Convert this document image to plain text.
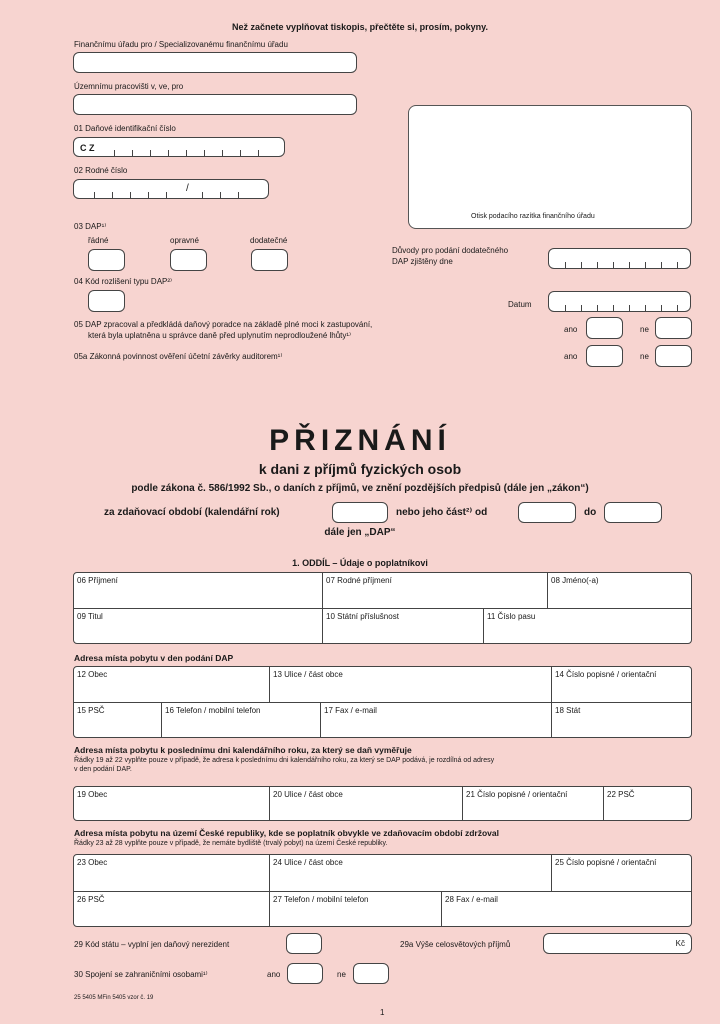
Než začnete vyplňovat tiskopis, přečtěte si, prosím, pokyny.
Finančnímu úřadu pro / Specializovanému finančnímu úřadu
Územnímu pracovišti v, ve, pro
01 Daňové identifikační číslo
C Z
02 Rodné číslo
/
Otisk podacího razítka finančního úřadu
03 DAP¹⁾
řádné	opravné	dodatečné
Důvody pro podání dodatečného
DAP zjištěny dne
04 Kód rozlišení typu DAP²⁾
Datum
05 DAP zpracoval a předkládá daňový poradce na základě plné moci k zastupování,
která byla uplatněna u správce daně před uplynutím neprodloužené lhůty¹⁾
ano	ne
05a Zákonná povinnost ověření účetní závěrky auditorem¹⁾	ano	ne
PŘIZNÁNÍ
k dani z příjmů fyzických osob
podle zákona č. 586/1992 Sb., o daních z příjmů, ve znění pozdějších předpisů (dále jen „zákon“)
za zdaňovací období (kalendářní rok)	nebo jeho část²⁾ od	do
dále jen „DAP“
1. ODDÍL – Údaje o poplatníkovi
06 Příjmení	07 Rodné příjmení	08 Jméno(-a)
09 Titul	10 Státní příslušnost	11 Číslo pasu
Adresa místa pobytu v den podání DAP
12 Obec	13 Ulice / část obce	14 Číslo popisné / orientační
15 PSČ	16 Telefon / mobilní telefon	17 Fax / e-mail	18 Stát
Adresa místa pobytu k poslednímu dni kalendářního roku, za který se daň vyměřuje
Řádky 19 až 22 vyplňte pouze v případě, že adresa k poslednímu dni kalendářního roku, za který se DAP podává, je rozdílná od adresy
v den podání DAP.
19 Obec	20 Ulice / část obce	21 Číslo popisné / orientační	22 PSČ
Adresa místa pobytu na území České republiky, kde se poplatník obvykle ve zdaňovacím období zdržoval
Řádky 23 až 28 vyplňte pouze v případě, že nemáte bydliště (trvalý pobyt) na území České republiky.
23 Obec	24 Ulice / část obce	25 Číslo popisné / orientační
26 PSČ	27 Telefon / mobilní telefon	28 Fax / e-mail
29 Kód státu – vyplní jen daňový nerezident	29a Výše celosvětových příjmů	Kč
30 Spojení se zahraničními osobami¹⁾	ano	ne
25 5405 MFin 5405 vzor č. 19
1
